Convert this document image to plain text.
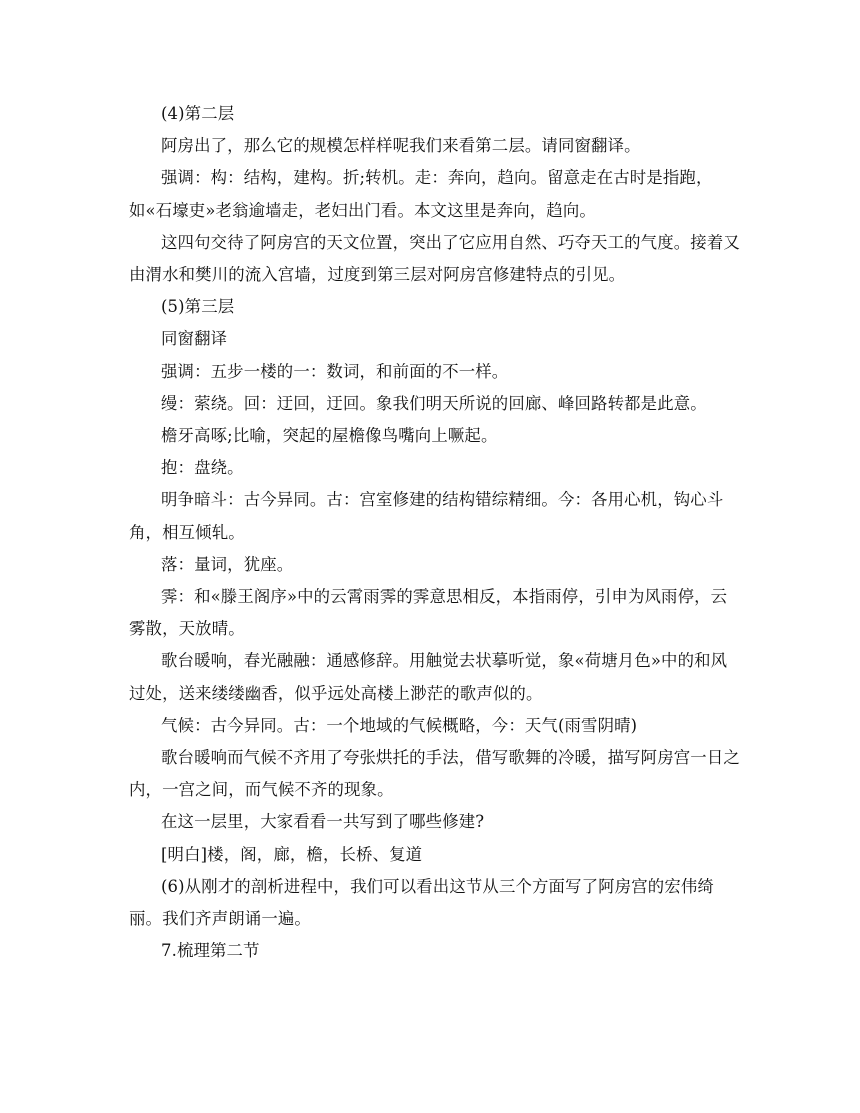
(4)第二层

阿房出了，那么它的规模怎样样呢我们来看第二层。请同窗翻译。

强调：构：结构，建构。折;转机。走：奔向，趋向。留意走在古时是指跑，如«石壕吏»老翁逾墙走，老妇出门看。本文这里是奔向，趋向。

这四句交待了阿房宫的天文位置，突出了它应用自然、巧夺天工的气度。接着又由渭水和樊川的流入宫墙，过度到第三层对阿房宫修建特点的引见。

(5)第三层

同窗翻译

强调：五步一楼的一：数词，和前面的不一样。

缦：萦绕。回：迂回，迂回。象我们明天所说的回廊、峰回路转都是此意。

檐牙高啄;比喻，突起的屋檐像鸟嘴向上噘起。

抱：盘绕。

明争暗斗：古今异同。古：宫室修建的结构错综精细。今：各用心机，钩心斗角，相互倾轧。

落：量词，犹座。

霁：和«滕王阁序»中的云霄雨霁的霁意思相反，本指雨停，引申为风雨停，云雾散，天放晴。

歌台暖响，春光融融：通感修辞。用触觉去状摹听觉，象«荷塘月色»中的和风过处，送来缕缕幽香，似乎远处高楼上渺茫的歌声似的。

气候：古今异同。古：一个地域的气候概略，今：天气(雨雪阴晴)

歌台暖响而气候不齐用了夸张烘托的手法，借写歌舞的冷暖，描写阿房宫一日之内，一宫之间，而气候不齐的现象。

在这一层里，大家看看一共写到了哪些修建?

[明白]楼，阁，廊，檐，长桥、复道

(6)从刚才的剖析进程中，我们可以看出这节从三个方面写了阿房宫的宏伟绮丽。我们齐声朗诵一遍。

7.梳理第二节
